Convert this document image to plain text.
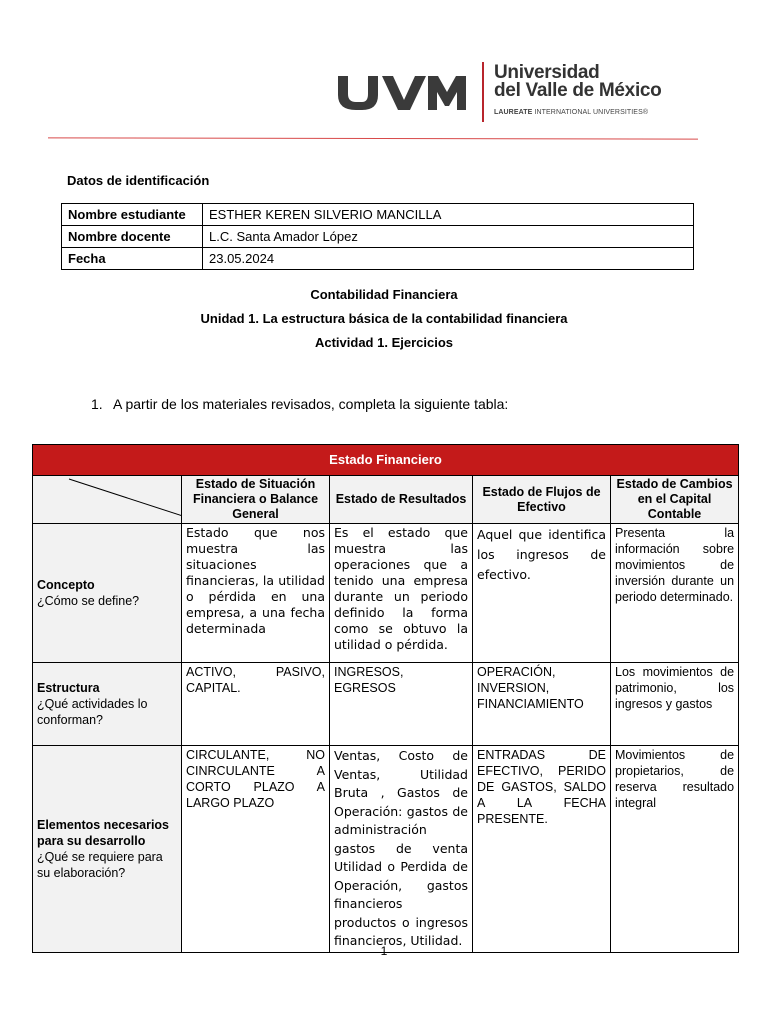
Universidad
del Valle de México
LAUREATE INTERNATIONAL UNIVERSITIES®
Datos de identificación
Nombre estudiante	ESTHER KEREN SILVERIO MANCILLA
Nombre docente	L.C. Santa Amador López
Fecha	23.05.2024
Contabilidad Financiera
Unidad 1. La estructura básica de la contabilidad financiera
Actividad 1. Ejercicios
1. A partir de los materiales revisados, completa la siguiente tabla:
Estado Financiero				

	Estado de Situación Financiera o Balance General	Estado de Resultados	Estado de Flujos de Efectivo	Estado de Cambios en el Capital Contable

Concepto
¿Cómo se define?	Estado que nos muestra las situaciones financieras, la utilidad o pérdida en una empresa, a una fecha determinada	Es el estado que muestra las operaciones que a tenido una empresa durante un periodo definido la forma como se obtuvo la utilidad o pérdida.	Aquel que identifica los ingresos de efectivo.	Presenta la información sobre movimientos de inversión durante un periodo determinado.

Estructura
¿Qué actividades lo conforman?	ACTIVO, PASIVO, CAPITAL.	INGRESOS, EGRESOS	OPERACIÓN, INVERSION, FINANCIAMIENTO	Los movimientos de patrimonio, los ingresos y gastos

Elementos necesarios para su desarrollo
¿Qué se requiere para su elaboración?	CIRCULANTE, NO CINRCULANTE A CORTO PLAZO A LARGO PLAZO	Ventas, Costo de Ventas, Utilidad Bruta , Gastos de Operación: gastos de administración gastos de venta Utilidad o Perdida de Operación, gastos financieros productos o ingresos financieros, Utilidad.	ENTRADAS DE EFECTIVO, PERIDO DE GASTOS, SALDO A LA FECHA PRESENTE.	Movimientos de propietarios, de reserva resultado integral
1
